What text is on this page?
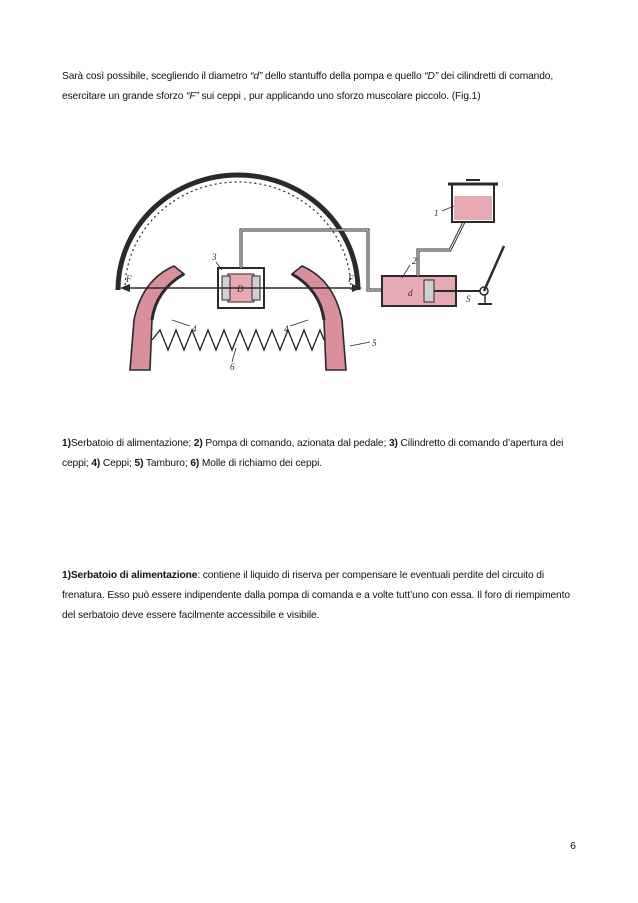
Sarà così possibile, scegliendo il diametro “d” dello stantuffo della pompa e quello “D” dei cilindretti di comando, esercitare un grande sforzo “F” sui ceppi , pur applicando uno sforzo muscolare piccolo. (Fig.1)
F	F
D	d
S
1
2
3
4	4
5
6
1)Serbatoio di alimentazione; 2) Pompa di comando, azionata dal pedale; 3) Cilindretto di comando d’apertura dei ceppi; 4) Ceppi; 5) Tamburo; 6) Molle di richiamo dei ceppi.
1)Serbatoio di alimentazione: contiene il liquido di riserva per compensare le eventuali perdite del circuito di frenatura. Esso può essere indipendente dalla pompa di comanda e a volte tutt’uno con essa. Il foro di riempimento del serbatoio deve essere facilmente accessibile e visibile.
6
